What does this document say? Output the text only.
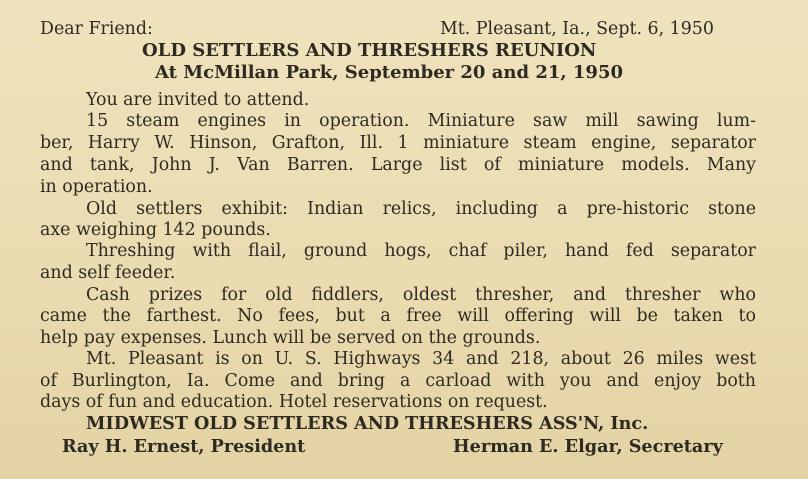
Dear Friend:	Mt. Pleasant, Ia., Sept. 6, 1950
OLD SETTLERS AND THRESHERS REUNION
At McMillan Park, September 20 and 21, 1950
You are invited to attend.
15 steam engines in operation. Miniature saw mill sawing lum-
ber, Harry W. Hinson, Grafton, Ill. 1 miniature steam engine, separator
and tank, John J. Van Barren. Large list of miniature models. Many
in operation.
Old settlers exhibit: Indian relics, including a pre-historic stone
axe weighing 142 pounds.
Threshing with flail, ground hogs, chaf piler, hand fed separator
and self feeder.
Cash prizes for old fiddlers, oldest thresher, and thresher who
came the farthest. No fees, but a free will offering will be taken to
help pay expenses. Lunch will be served on the grounds.
Mt. Pleasant is on U. S. Highways 34 and 218, about 26 miles west
of Burlington, Ia. Come and bring a carload with you and enjoy both
days of fun and education. Hotel reservations on request.
MIDWEST OLD SETTLERS AND THRESHERS ASS'N, Inc.
Ray H. Ernest, President	Herman E. Elgar, Secretary
